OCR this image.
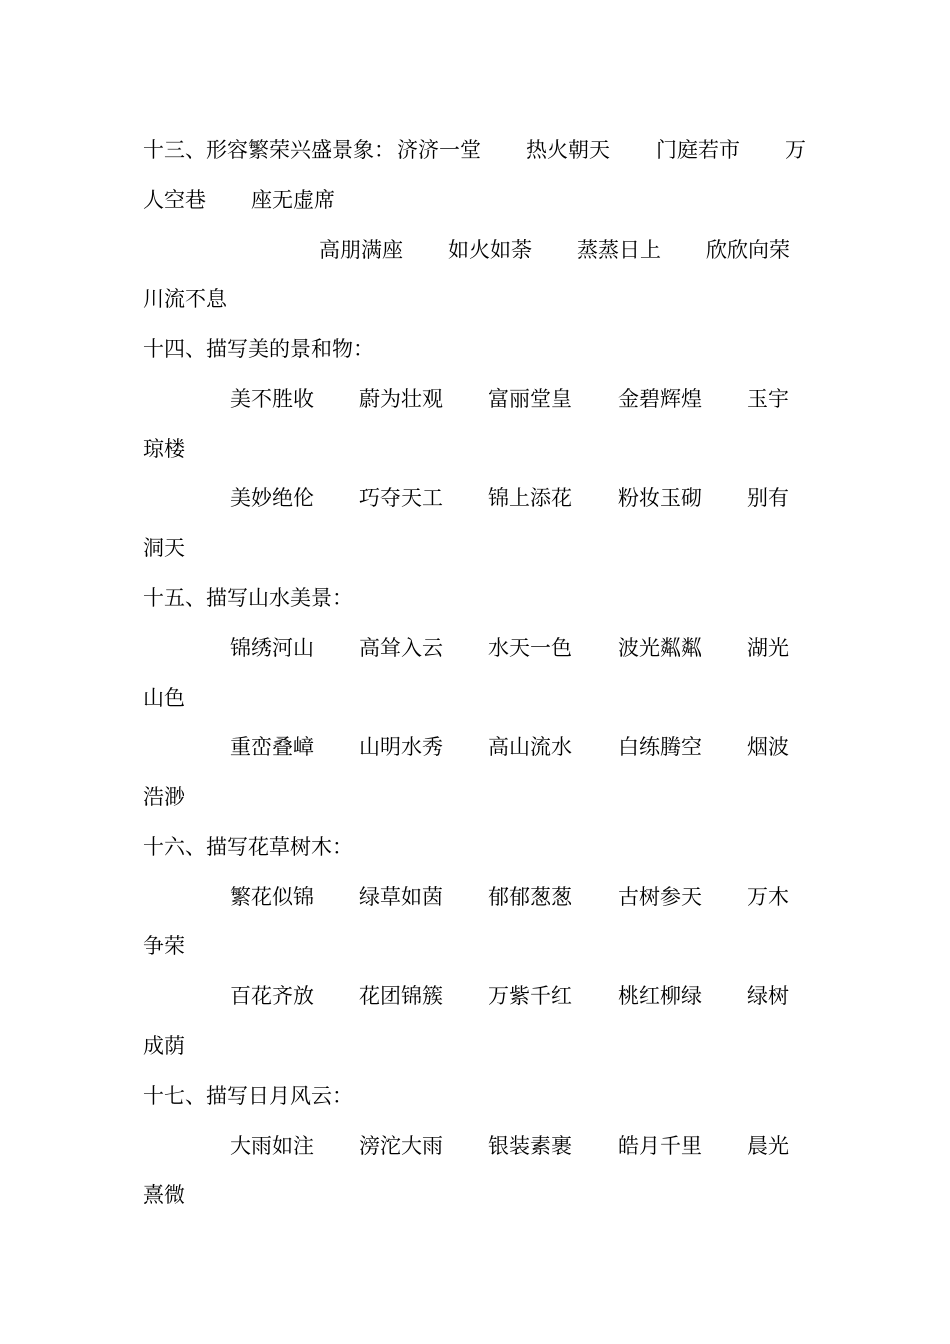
十三、形容繁荣兴盛景象： 济济一堂 热火朝天 门庭若市 万
人空巷 座无虚席
高朋满座 如火如荼 蒸蒸日上 欣欣向荣
川流不息
十四、描写美的景和物：
美不胜收 蔚为壮观 富丽堂皇 金碧辉煌 玉宇
琼楼
美妙绝伦 巧夺天工 锦上添花 粉妆玉砌 别有
洞天
十五、描写山水美景：
锦绣河山 高耸入云 水天一色 波光粼粼 湖光
山色
重峦叠嶂 山明水秀 高山流水 白练腾空 烟波
浩渺
十六、描写花草树木：
繁花似锦 绿草如茵 郁郁葱葱 古树参天 万木
争荣
百花齐放 花团锦簇 万紫千红 桃红柳绿 绿树
成荫
十七、描写日月风云：
大雨如注 滂沱大雨 银装素裹 皓月千里 晨光
熹微
